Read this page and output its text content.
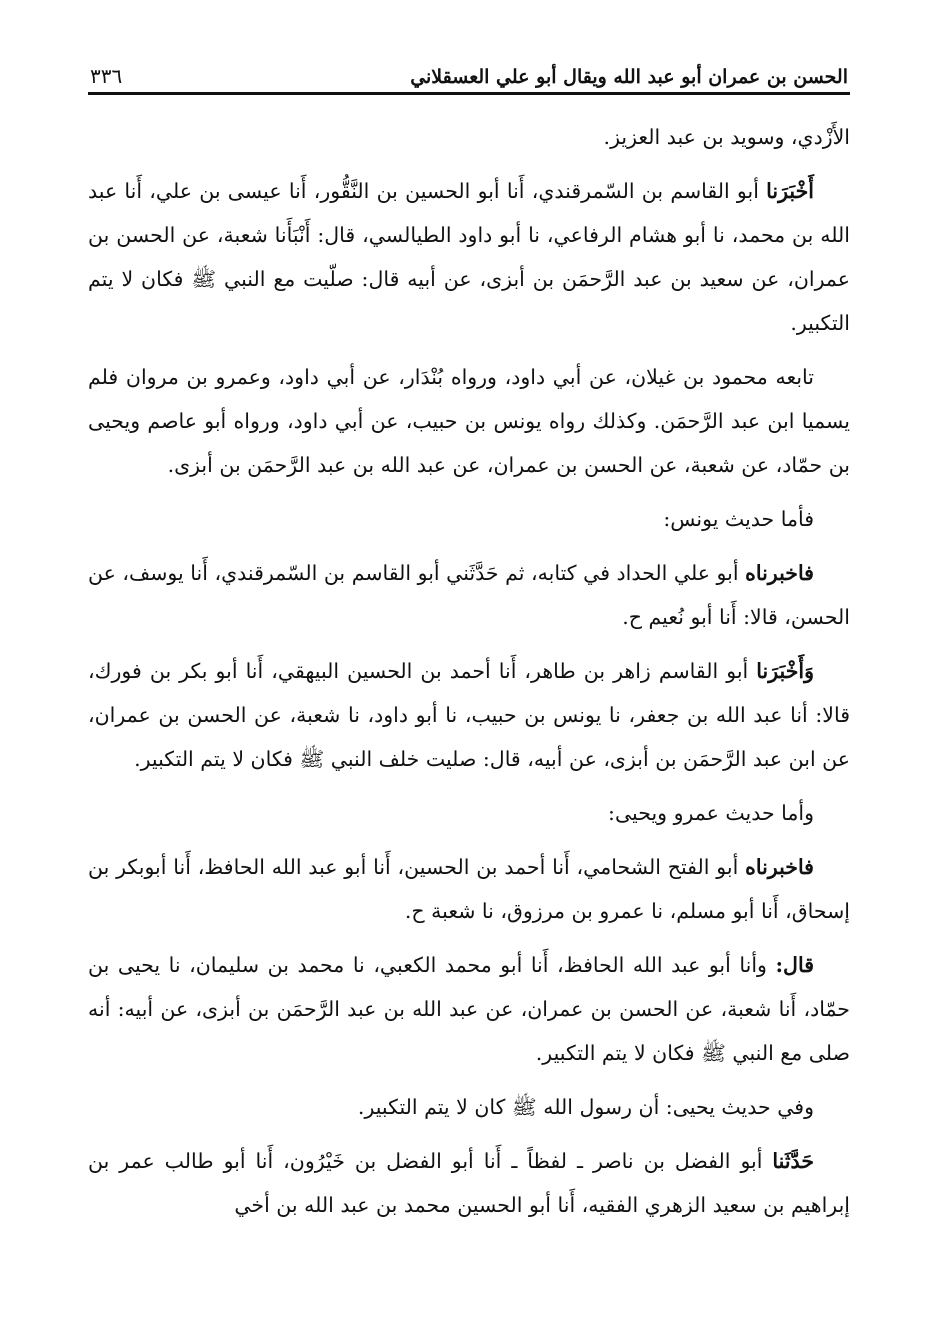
الحسن بن عمران أبو عبد الله ويقال أبو علي العسقلاني
٣٣٦

الأَزْدي، وسويد بن عبد العزيز.

أَخْبَرَنا أبو القاسم بن السّمرقندي، أَنا أبو الحسين بن النَّقُّور، أَنا عيسى بن علي، أَنا عبد الله بن محمد، نا أبو هشام الرفاعي، نا أبو داود الطيالسي، قال: أَنْبَأَنا شعبة، عن الحسن بن عمران، عن سعيد بن عبد الرَّحمَن بن أبزى، عن أبيه قال: صلّيت مع النبي ﷺ فكان لا يتم التكبير.

تابعه محمود بن غيلان، عن أبي داود، ورواه بُنْدَار، عن أبي داود، وعمرو بن مروان فلم يسميا ابن عبد الرَّحمَن. وكذلك رواه يونس بن حبيب، عن أبي داود، ورواه أبو عاصم ويحيى بن حمّاد، عن شعبة، عن الحسن بن عمران، عن عبد الله بن عبد الرَّحمَن بن أبزى.

فأما حديث يونس:

فاخبرناه أبو علي الحداد في كتابه، ثم حَدَّثَني أبو القاسم بن السّمرقندي، أَنا يوسف، عن الحسن، قالا: أَنا أبو نُعيم ح.

وَأَخْبَرَنا أبو القاسم زاهر بن طاهر، أَنا أحمد بن الحسين البيهقي، أَنا أبو بكر بن فورك، قالا: أنا عبد الله بن جعفر، نا يونس بن حبيب، نا أبو داود، نا شعبة، عن الحسن بن عمران، عن ابن عبد الرَّحمَن بن أبزى، عن أبيه، قال: صليت خلف النبي ﷺ فكان لا يتم التكبير.

وأما حديث عمرو ويحيى:

فاخبرناه أبو الفتح الشحامي، أَنا أحمد بن الحسين، أَنا أبو عبد الله الحافظ، أَنا أبوبكر بن إسحاق، أَنا أبو مسلم، نا عمرو بن مرزوق، نا شعبة ح.

قال: وأنا أبو عبد الله الحافظ، أَنا أبو محمد الكعبي، نا محمد بن سليمان، نا يحيى بن حمّاد، أَنا شعبة، عن الحسن بن عمران، عن عبد الله بن عبد الرَّحمَن بن أبزى، عن أبيه: أنه صلى مع النبي ﷺ فكان لا يتم التكبير.

وفي حديث يحيى: أن رسول الله ﷺ كان لا يتم التكبير.

حَدَّثَنا أبو الفضل بن ناصر ـ لفظاً ـ أَنا أبو الفضل بن خَيْرُون، أَنا أبو طالب عمر بن إبراهيم بن سعيد الزهري الفقيه، أَنا أبو الحسين محمد بن عبد الله بن أخي
